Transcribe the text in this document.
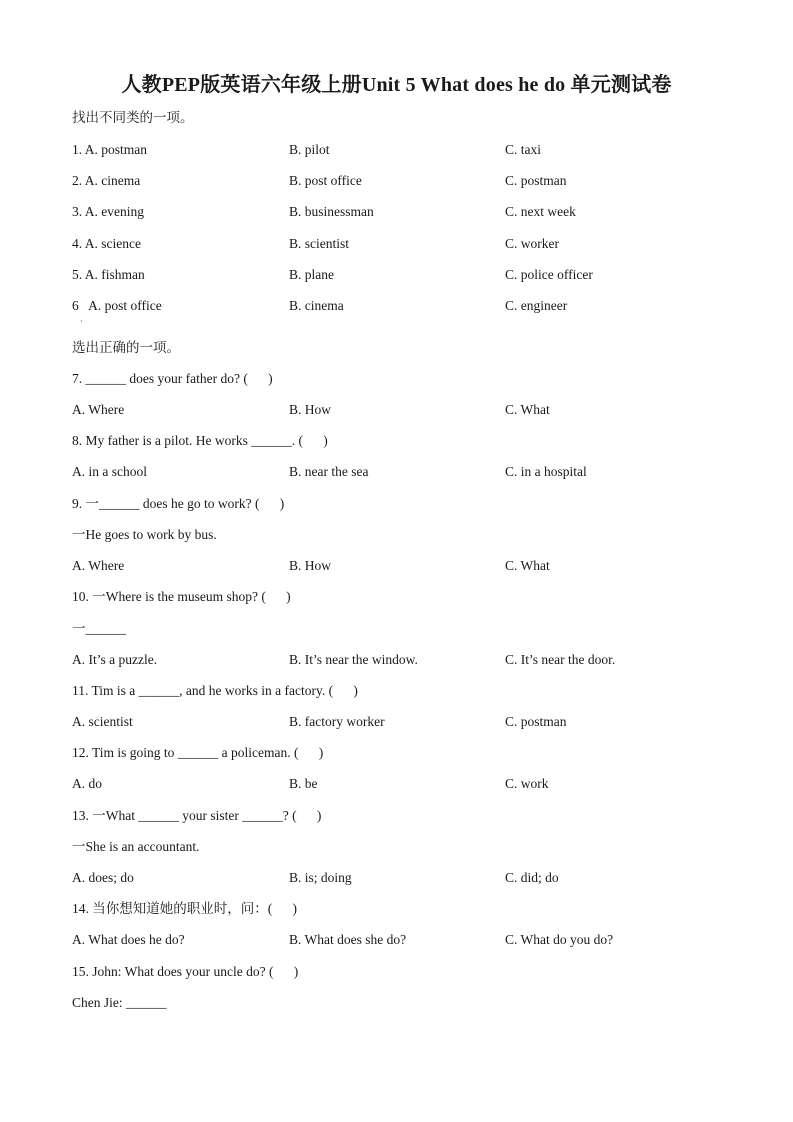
人教PEP版英语六年级上册Unit 5 What does he do 单元测试卷
找出不同类的一项。
1. A. postman	B. pilot	C. taxi
2. A. cinema	B. post office	C. postman
3. A. evening	B. businessman	C. next week
4. A. science	B. scientist	C. worker
5. A. fishman	B. plane	C. police officer
6   A. post office	B. cinema	C. engineer
·
选出正确的一项。
7. ______ does your father do? (      )
A. Where	B. How	C. What
8. My father is a pilot. He works ______. (      )
A. in a school	B. near the sea	C. in a hospital
9. 一______ does he go to work? (      )
一He goes to work by bus.
A. Where	B. How	C. What
10. 一Where is the museum shop? (      )
一______
A. It’s a puzzle.	B. It’s near the window.	C. It’s near the door.
11. Tim is a ______, and he works in a factory. (      )
A. scientist	B. factory worker	C. postman
12. Tim is going to ______ a policeman. (      )
A. do	B. be	C. work
13. 一What ______ your sister ______? (      )
一She is an accountant.
A. does; do	B. is; doing	C. did; do
14. 当你想知道她的职业时，问：(      )
A. What does he do?	B. What does she do?	C. What do you do?
15. John: What does your uncle do? (      )
Chen Jie: ______
